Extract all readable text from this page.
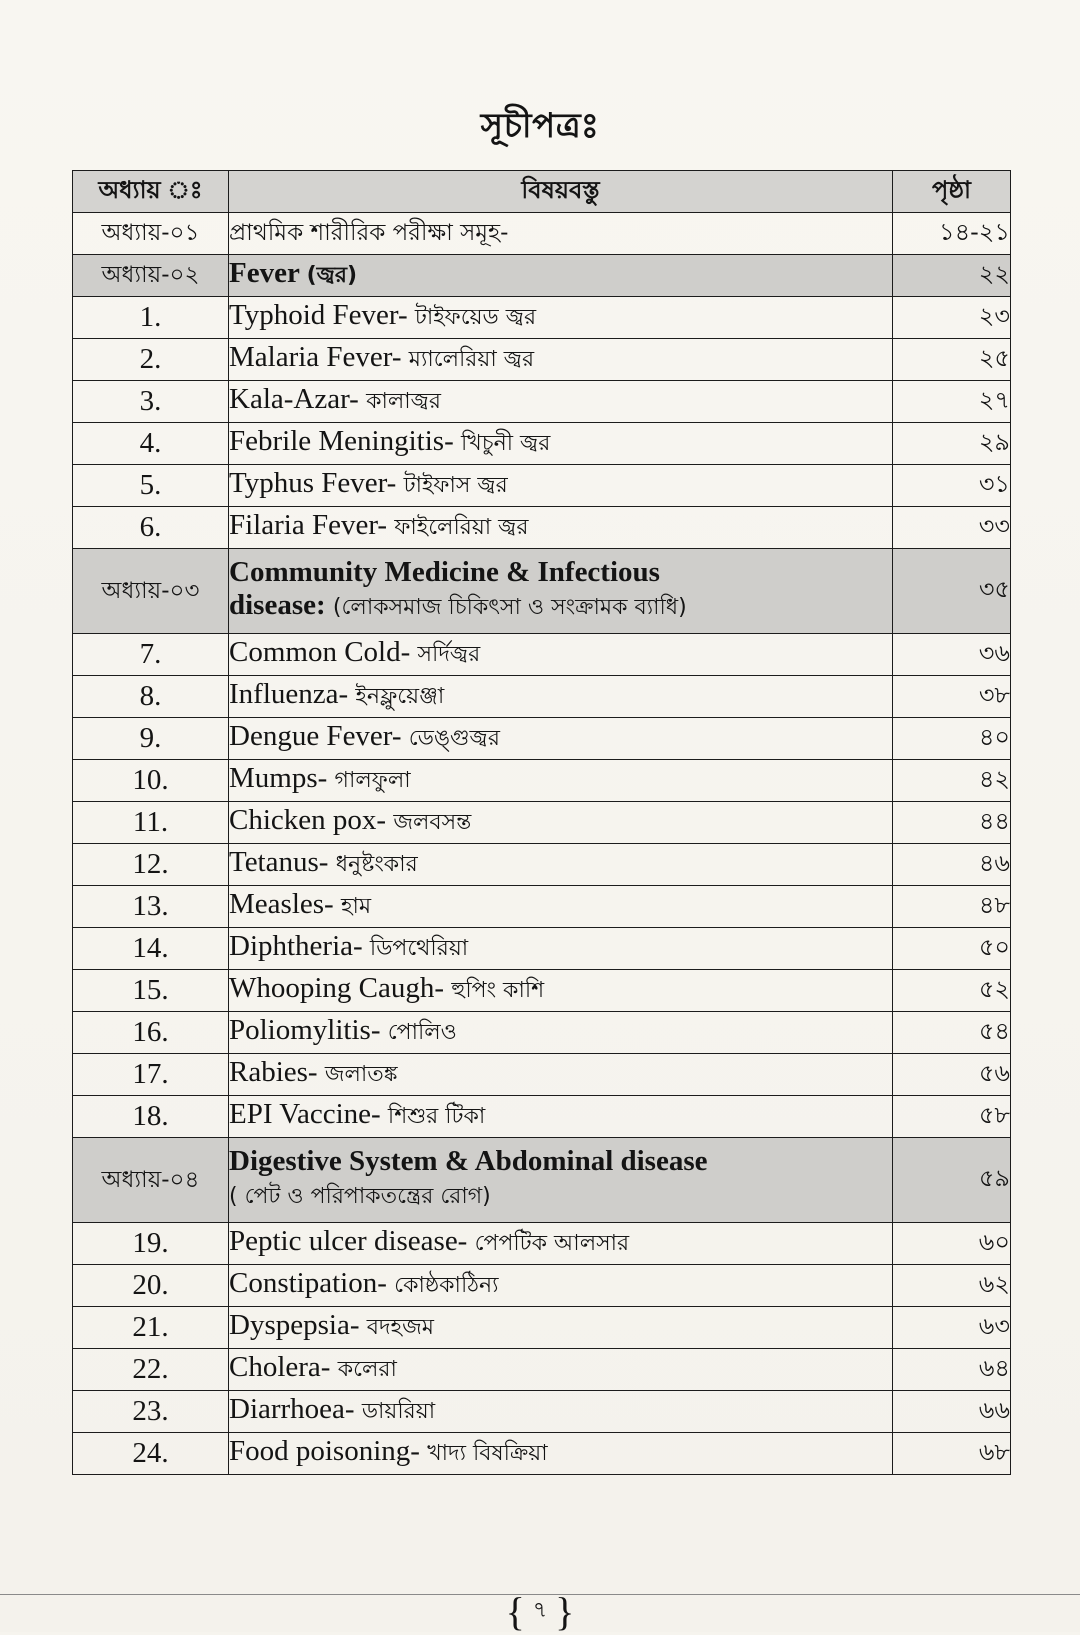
সূচীপত্রঃ
অধ্যায় ঃ	বিষয়বস্তু	পৃষ্ঠা
অধ্যায়-০১	প্রাথমিক শারীরিক পরীক্ষা সমূহ-	১৪-২১
অধ্যায়-০২	Fever (জ্বর)	২২
1.	Typhoid Fever- টাইফয়েড জ্বর	২৩
2.	Malaria Fever- ম্যালেরিয়া জ্বর	২৫
3.	Kala-Azar- কালাজ্বর	২৭
4.	Febrile Meningitis- খিচুনী জ্বর	২৯
5.	Typhus Fever- টাইফাস জ্বর	৩১
6.	Filaria Fever- ফাইলেরিয়া জ্বর	৩৩
অধ্যায়-০৩	Community Medicine & Infectious
disease: (লোকসমাজ চিকিৎসা ও সংক্রামক ব্যাধি)	৩৫
7.	Common Cold- সর্দিজ্বর	৩৬
8.	Influenza- ইনফ্লুয়েঞ্জা	৩৮
9.	Dengue Fever- ডেঙ্গুজ্বর	৪০
10.	Mumps- গালফুলা	৪২
11.	Chicken pox- জলবসন্ত	৪৪
12.	Tetanus- ধনুষ্টংকার	৪৬
13.	Measles- হাম	৪৮
14.	Diphtheria- ডিপথেরিয়া	৫০
15.	Whooping Caugh- হুপিং কাশি	৫২
16.	Poliomylitis- পোলিও	৫৪
17.	Rabies- জলাতঙ্ক	৫৬
18.	EPI Vaccine- শিশুর টিকা	৫৮
অধ্যায়-০৪	Digestive System & Abdominal disease
( পেট ও পরিপাকতন্ত্রের রোগ)	৫৯
19.	Peptic ulcer disease- পেপটিক আলসার	৬০
20.	Constipation- কোষ্ঠকাঠিন্য	৬২
21.	Dyspepsia- বদহজম	৬৩
22.	Cholera- কলেরা	৬৪
23.	Diarrhoea- ডায়রিয়া	৬৬
24.	Food poisoning- খাদ্য বিষক্রিয়া	৬৮
{ ৭ }
